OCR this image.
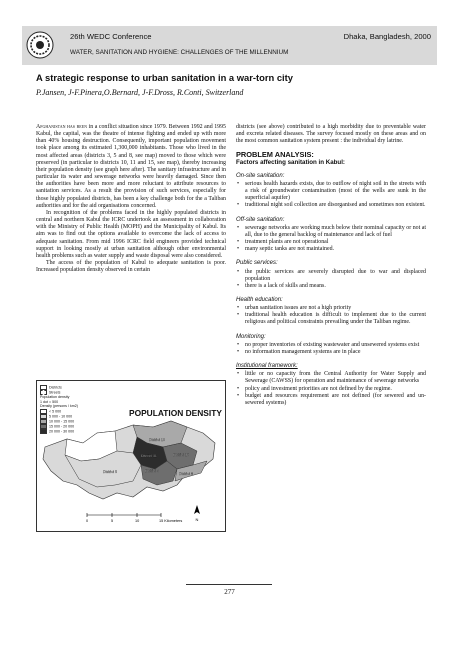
26th WEDC Conference	Dhaka, Bangladesh, 2000
WATER, SANITATION AND HYGIENE: CHALLENGES OF THE MILLENNIUM
A strategic response to urban sanitation in a war-torn city
P.Jansen, J-F.Pinera,O.Bernard, J-F.Dross, R.Conti, Switzerland

Afghanistan has been in a conflict situation since 1979. Between 1992 and 1995 Kabul, the capital, was the theatre of intense fighting and ended up with more than 40% housing destruction. Consequently, important population movement took place among its estimated 1,300,000 inhabitants. Those who lived in the most affected areas (districts 3, 5 and 8, see map) moved to those which were preserved (in particular to districts 10, 11 and 15, see map), thereby increasing their population density (see graph here after). The sanitary infrastructure and in particular its water and sewerage networks were heavily damaged. Since then the authorities have been more and more reluctant to attribute resources to sanitation services. As a result the provision of such services, especially for those highly populated districts, has been a key challenge both for the a Taliban authorities and for the aid organisations concerned.

In recognition of the problems faced in the highly populated districts in central and northern Kabul the ICRC undertook an assessment in collaboration with the Ministry of Public Health (MOPH) and the Municipality of Kabul. Its aim was to find out the options available to overcome the lack of access to adequate sanitation. From mid 1996 ICRC field engineers provided technical support in looking mostly at urban sanitation although other environmental health problems such as water supply and waste disposal were also considered.

The access of the population of Kabul to adequate sanitation is poor. Increased population density observed in certain

Districts
Streets
Population density
1 dot = 500
Density (persons / km2)
< 5 000
5 000 - 10 000
10 000 - 15 000
15 000 - 20 000
20 000 - 30 000
POPULATION DENSITY
District 3
District 5	District 8
District 10
District 11	District 15
0	5	10	15 Kilometers	N

districts (see above) contributed to a high morbidity due to preventable water and excreta related diseases. The survey focused mostly on these areas and on the most common sanitation system present : the individual dry latrine.

PROBLEM ANALYSIS:
Factors affecting sanitation in Kabul:
On-site sanitation:
• serious health hazards exists, due to outflow of night soil in the streets with a risk of groundwater contamination (most of the wells are sunk in the superficial aquifer)
• traditional night soil collection are disorganised and sometimes non existent.
Off-site sanitation:
• sewerage networks are working much below their nominal capacity or not at all, due to the general backlog of maintenance and lack of fuel
• treatment plants are not operational
• many septic tanks are not maintained.
Public services:
• the public services are severely disrupted due to war and displaced population
• there is a lack of skills and means.
Health education:
• urban sanitation issues are not a high priority
• traditional health education is difficult to implement due to the current religious and political constraints prevailing under the Taliban regime.
Monitoring:
• no proper inventories of existing wastewater and unsewered systems exist
• no information management systems are in place
Institutional framework:
• little or no capacity from the Central Authority for Water Supply and Sewerage (CAWSS) for operation and maintenance of sewerage networks
• policy and investment priorities are not defined by the regime.
• budget and resources requirement are not defined (for sewered and un-sewered systems)
277
